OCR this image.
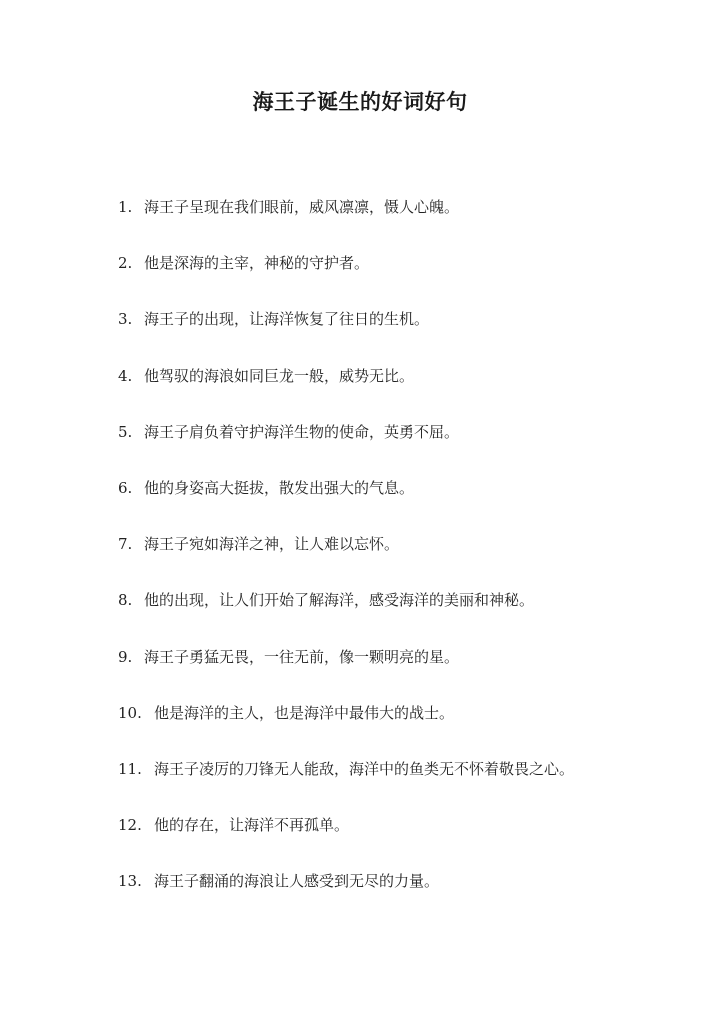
海王子诞生的好词好句
1. 海王子呈现在我们眼前，威风凛凛，慑人心魄。
2. 他是深海的主宰，神秘的守护者。
3. 海王子的出现，让海洋恢复了往日的生机。
4. 他驾驭的海浪如同巨龙一般，威势无比。
5. 海王子肩负着守护海洋生物的使命，英勇不屈。
6. 他的身姿高大挺拔，散发出强大的气息。
7. 海王子宛如海洋之神，让人难以忘怀。
8. 他的出现，让人们开始了解海洋，感受海洋的美丽和神秘。
9. 海王子勇猛无畏，一往无前，像一颗明亮的星。
10. 他是海洋的主人，也是海洋中最伟大的战士。
11. 海王子凌厉的刀锋无人能敌，海洋中的鱼类无不怀着敬畏之心。
12. 他的存在，让海洋不再孤单。
13. 海王子翻涌的海浪让人感受到无尽的力量。
